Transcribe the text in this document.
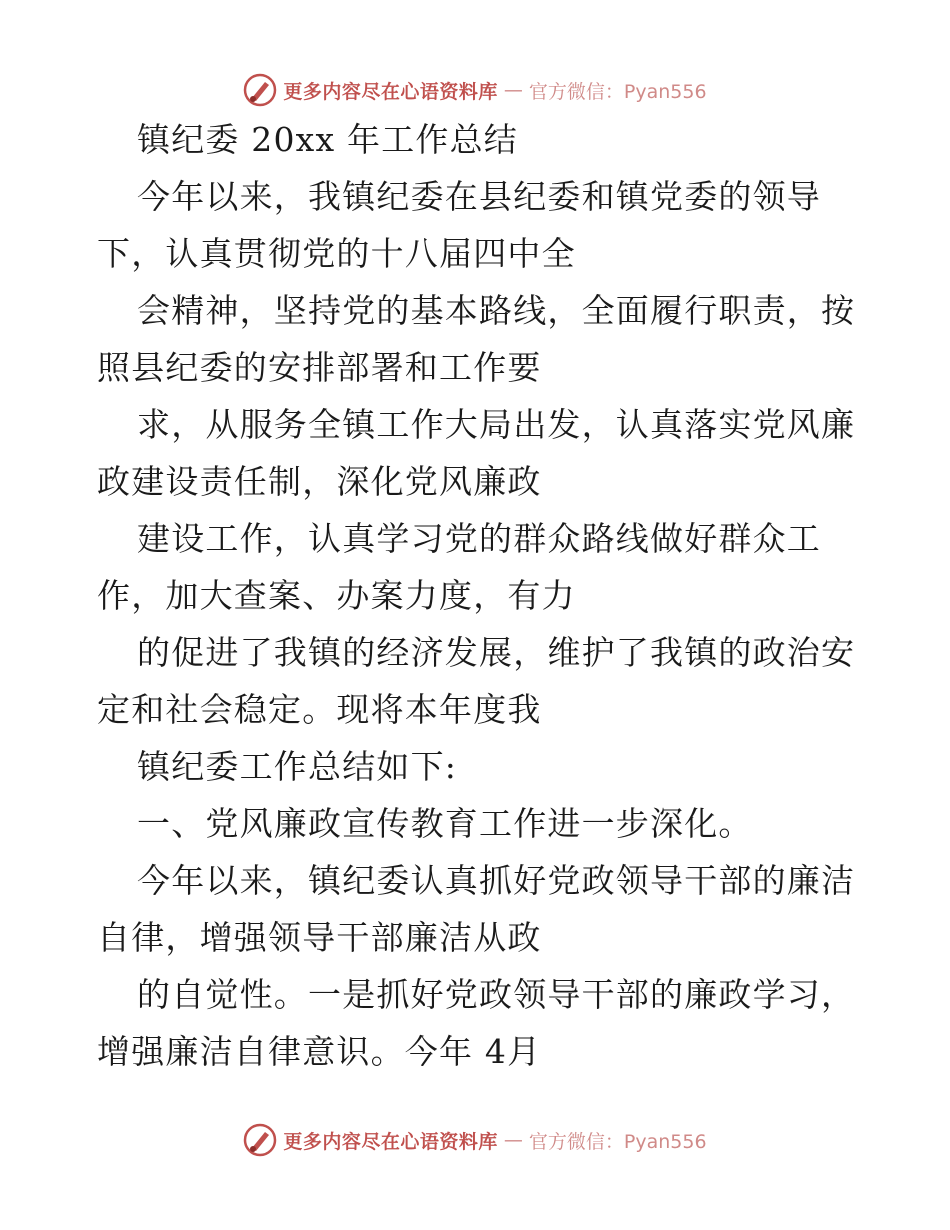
更多内容尽在心语资料库 — 官方微信：Pyan556
镇纪委 20xx 年工作总结
今年以来，我镇纪委在县纪委和镇党委的领导
下，认真贯彻党的十八届四中全
会精神，坚持党的基本路线，全面履行职责，按
照县纪委的安排部署和工作要
求，从服务全镇工作大局出发，认真落实党风廉
政建设责任制，深化党风廉政
建设工作，认真学习党的群众路线做好群众工
作，加大查案、办案力度，有力
的促进了我镇的经济发展，维护了我镇的政治安
定和社会稳定。现将本年度我
镇纪委工作总结如下:
一、党风廉政宣传教育工作进一步深化。
今年以来，镇纪委认真抓好党政领导干部的廉洁
自律，增强领导干部廉洁从政
的自觉性。一是抓好党政领导干部的廉政学习，
增强廉洁自律意识。今年 4月
更多内容尽在心语资料库 — 官方微信：Pyan556
